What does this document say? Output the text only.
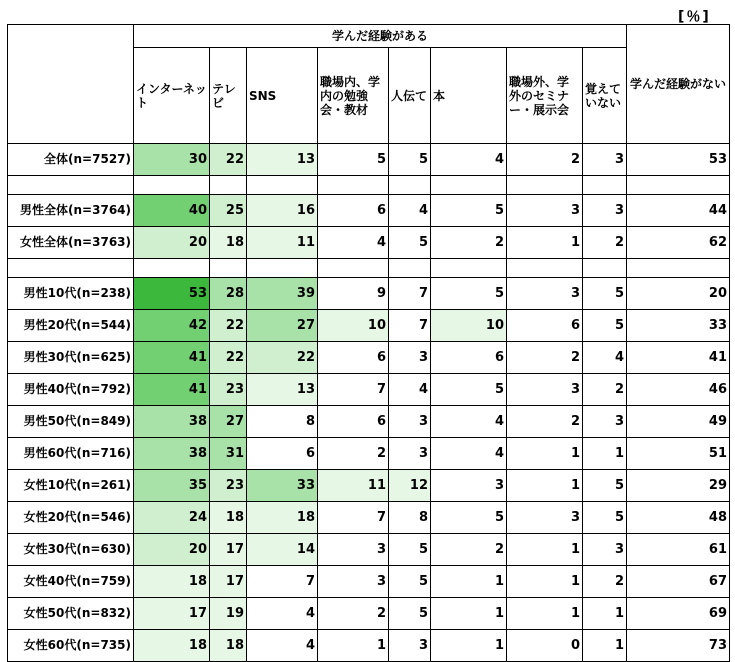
[％]
	学んだ経験がある								学んだ経験がない
	インターネット	テレビ	SNS	職場内、学内の勉強会・教材	人伝て	本	職場外、学外のセミナー・展示会	覚えていない	
全体(n=7527)	30	22	13	5	5	4	2	3	53

男性全体(n=3764)	40	25	16	6	4	5	3	3	44
女性全体(n=3763)	20	18	11	4	5	2	1	2	62

男性10代(n=238)	53	28	39	9	7	5	3	5	20
男性20代(n=544)	42	22	27	10	7	10	6	5	33
男性30代(n=625)	41	22	22	6	3	6	2	4	41
男性40代(n=792)	41	23	13	7	4	5	3	2	46
男性50代(n=849)	38	27	8	6	3	4	2	3	49
男性60代(n=716)	38	31	6	2	3	4	1	1	51
女性10代(n=261)	35	23	33	11	12	3	1	5	29
女性20代(n=546)	24	18	18	7	8	5	3	5	48
女性30代(n=630)	20	17	14	3	5	2	1	3	61
女性40代(n=759)	18	17	7	3	5	1	1	2	67
女性50代(n=832)	17	19	4	2	5	1	1	1	69
女性60代(n=735)	18	18	4	1	3	1	0	1	73
